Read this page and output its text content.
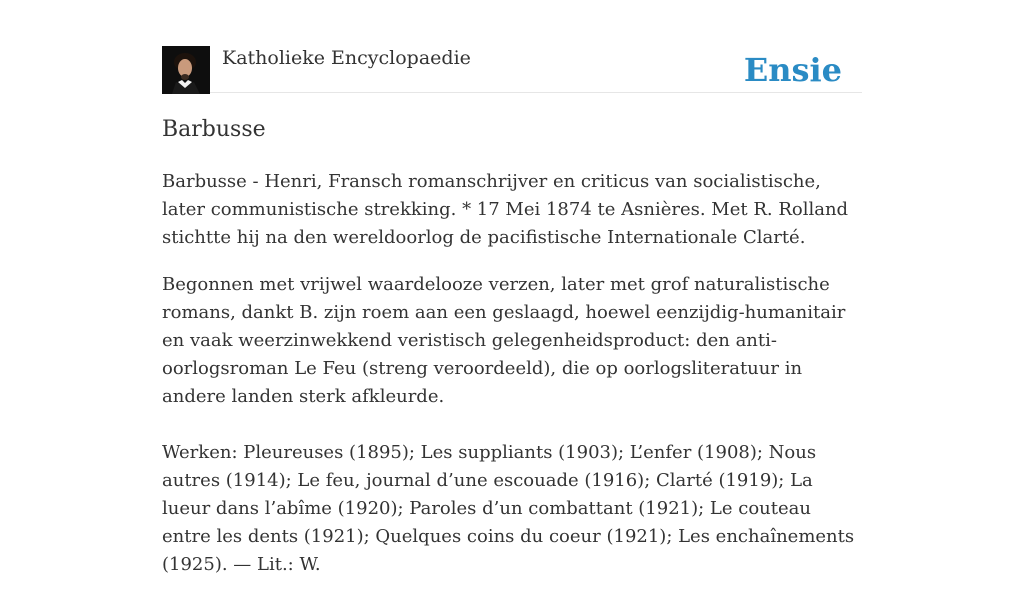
Katholieke Encyclopaedie	Ensie
Barbusse

Barbusse - Henri, Fransch romanschrijver en criticus van socialistische, later communistische strekking. * 17 Mei 1874 te Asnières. Met R. Rolland stichtte hij na den wereldoorlog de pacifistische Internationale Clarté.

Begonnen met vrijwel waardelooze verzen, later met grof naturalistische romans, dankt B. zijn roem aan een geslaagd, hoewel eenzijdig-humanitair en vaak weerzinwekkend veristisch gelegenheidsproduct: den anti-oorlogsroman Le Feu (streng veroordeeld), die op oorlogsliteratuur in andere landen sterk afkleurde.

Werken: Pleureuses (1895); Les suppliants (1903); L’enfer (1908); Nous autres (1914); Le feu, journal d’une escouade (1916); Clarté (1919); La lueur dans l’abîme (1920); Paroles d’un combattant (1921); Le couteau entre les dents (1921); Quelques coins du coeur (1921); Les enchaînements (1925). — Lit.: W.
